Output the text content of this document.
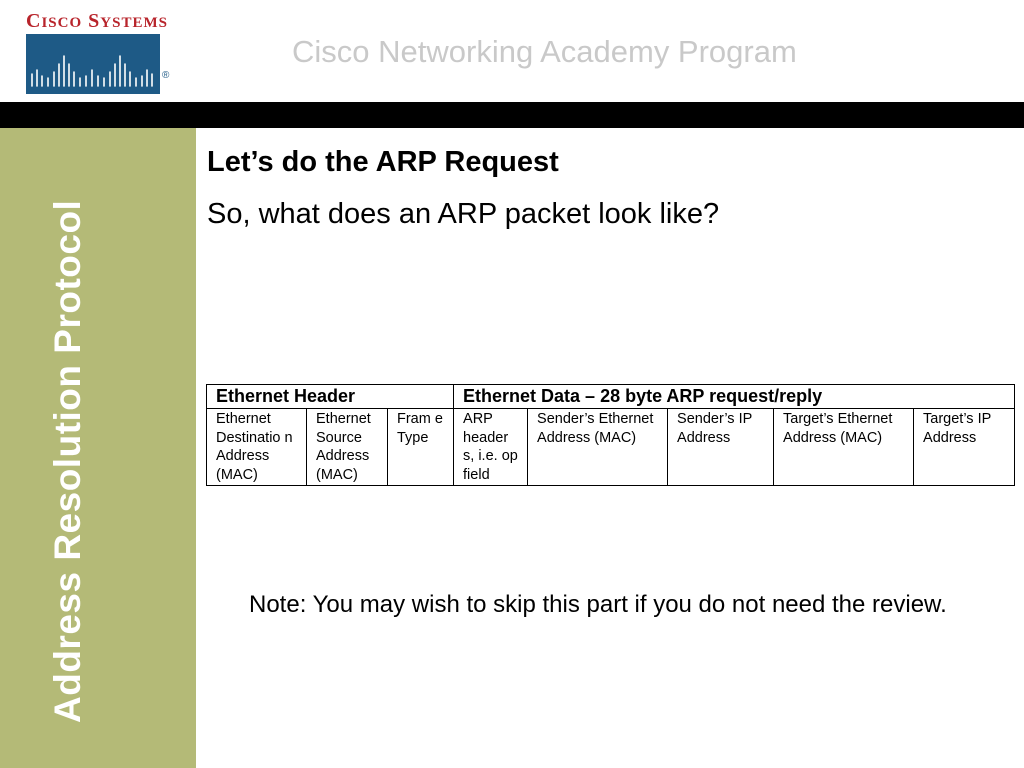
CISCO SYSTEMS
®
Cisco Networking Academy Program
Address Resolution Protocol
Let’s do the ARP Request
So, what does an ARP packet look like?
Ethernet Header			Ethernet Data – 28 byte ARP request/reply				
Ethernet Destinatio n Address (MAC)	Ethernet Source Address (MAC)	Fram e Type	ARP header s, i.e. op field	Sender’s Ethernet Address (MAC)	Sender’s IP Address	Target’s Ethernet Address (MAC)	Target’s IP Address
Note: You may wish to skip this part if you do not need the review.
